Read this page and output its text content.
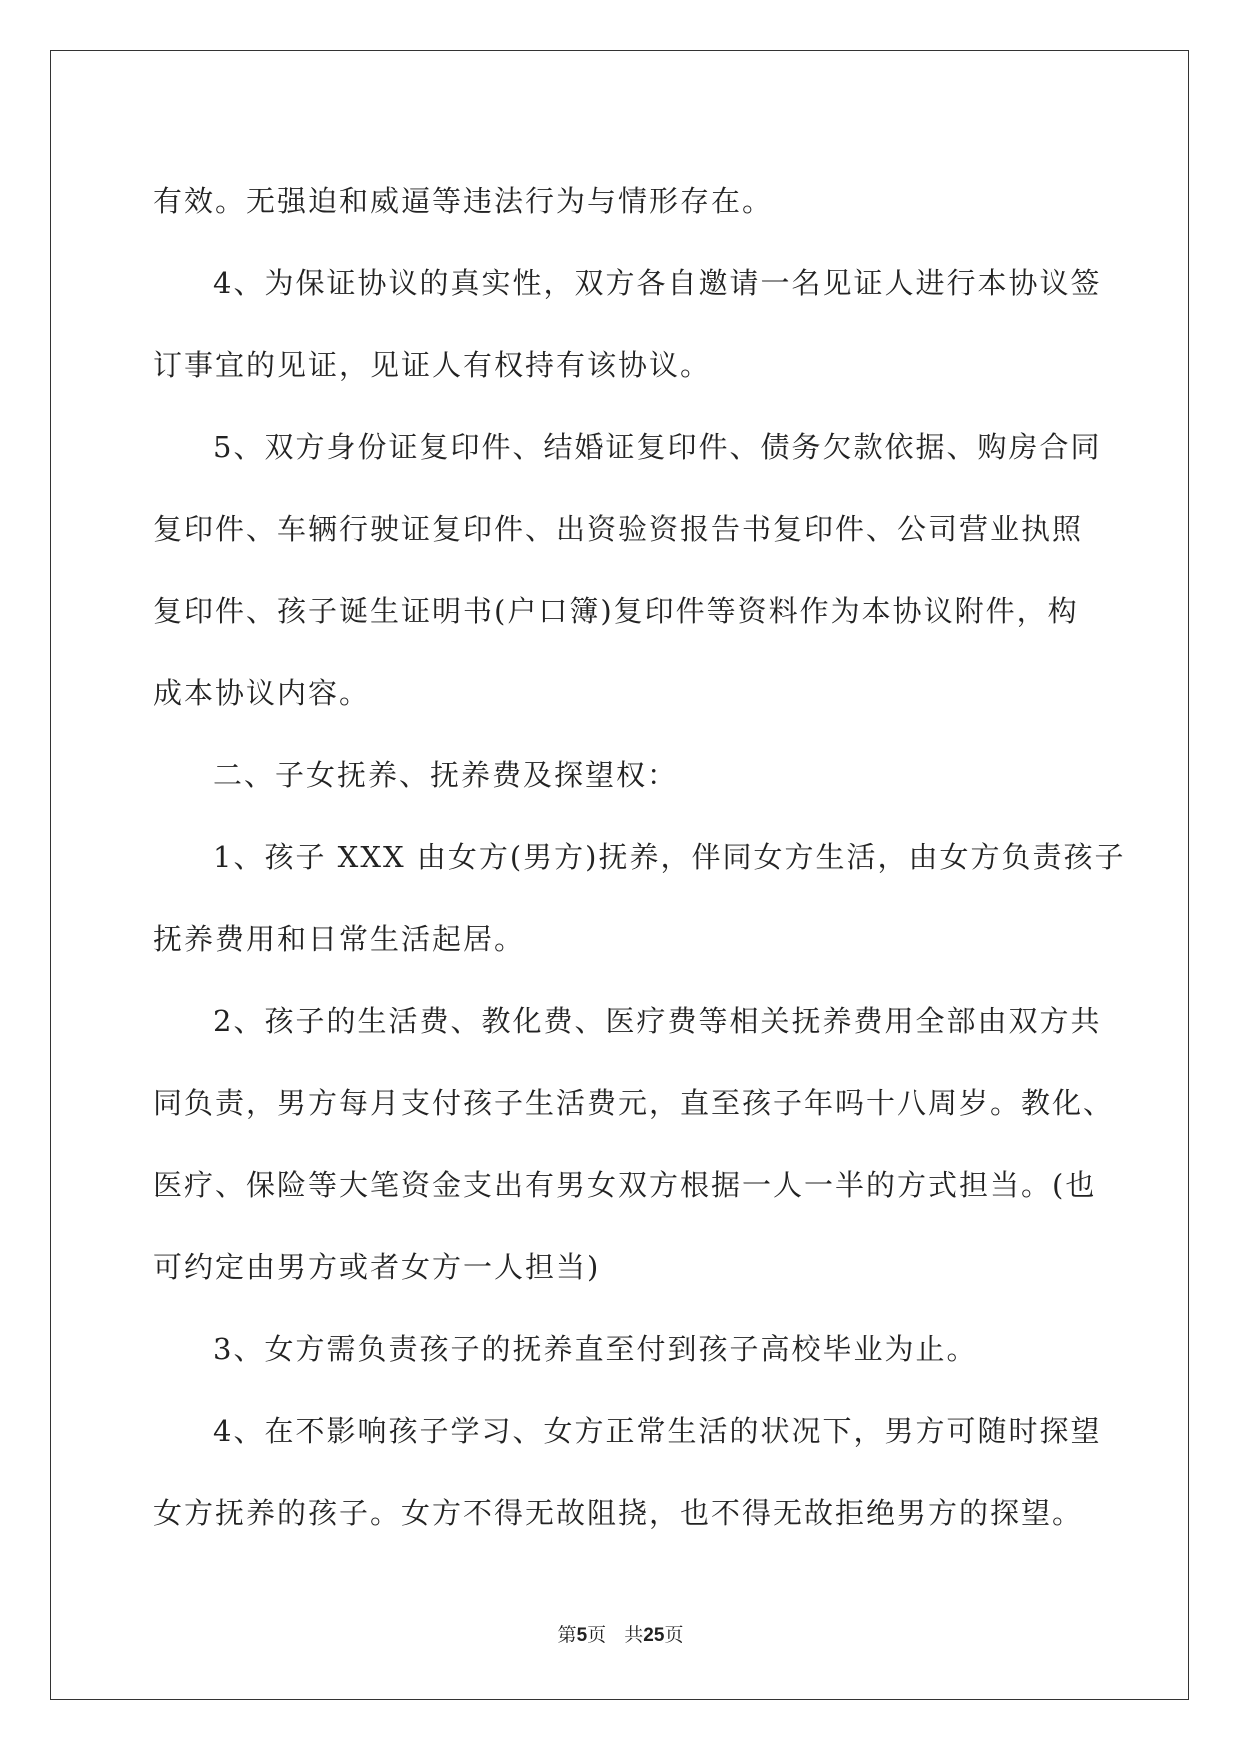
有效。无强迫和威逼等违法行为与情形存在。
4、为保证协议的真实性，双方各自邀请一名见证人进行本协议签
订事宜的见证，见证人有权持有该协议。
5、双方身份证复印件、结婚证复印件、债务欠款依据、购房合同
复印件、车辆行驶证复印件、出资验资报告书复印件、公司营业执照
复印件、孩子诞生证明书(户口簿)复印件等资料作为本协议附件，构
成本协议内容。
二、子女抚养、抚养费及探望权：
1、孩子 XXX 由女方(男方)抚养，伴同女方生活，由女方负责孩子
抚养费用和日常生活起居。
2、孩子的生活费、教化费、医疗费等相关抚养费用全部由双方共
同负责，男方每月支付孩子生活费元，直至孩子年吗十八周岁。教化、
医疗、保险等大笔资金支出有男女双方根据一人一半的方式担当。(也
可约定由男方或者女方一人担当)
3、女方需负责孩子的抚养直至付到孩子高校毕业为止。
4、在不影响孩子学习、女方正常生活的状况下，男方可随时探望
女方抚养的孩子。女方不得无故阻挠，也不得无故拒绝男方的探望。
第5页 共25页
